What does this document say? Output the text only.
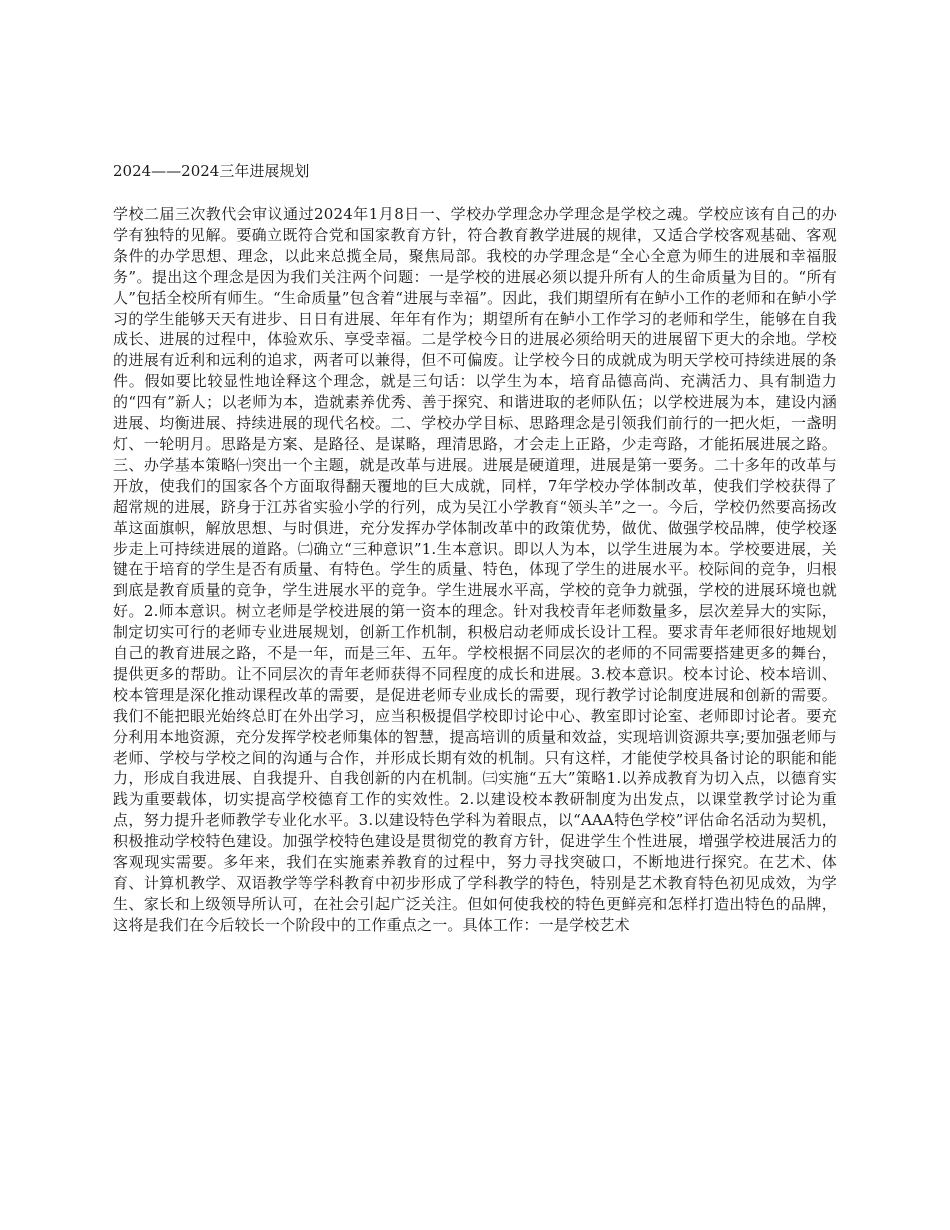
2024——2024三年进展规划

学校二届三次教代会审议通过2024年1月8日一、学校办学理念办学理念是学校之魂。学校应该有自己的办学有独特的见解。要确立既符合党和国家教育方针，符合教育教学进展的规律，又适合学校客观基础、客观条件的办学思想、理念，以此来总揽全局，聚焦局部。我校的办学理念是“全心全意为师生的进展和幸福服务”。提出这个理念是因为我们关注两个问题：一是学校的进展必须以提升所有人的生命质量为目的。“所有人”包括全校所有师生。“生命质量”包含着“进展与幸福”。因此，我们期望所有在鲈小工作的老师和在鲈小学习的学生能够天天有进步、日日有进展、年年有作为；期望所有在鲈小工作学习的老师和学生，能够在自我成长、进展的过程中，体验欢乐、享受幸福。二是学校今日的进展必须给明天的进展留下更大的余地。学校的进展有近利和远利的追求，两者可以兼得，但不可偏废。让学校今日的成就成为明天学校可持续进展的条件。假如要比较显性地诠释这个理念，就是三句话：以学生为本，培育品德高尚、充满活力、具有制造力的“四有”新人；以老师为本，造就素养优秀、善于探究、和谐进取的老师队伍；以学校进展为本，建设内涵进展、均衡进展、持续进展的现代名校。二、学校办学目标、思路理念是引领我们前行的一把火炬，一盏明灯、一轮明月。思路是方案、是路径、是谋略，理清思路，才会走上正路，少走弯路，才能拓展进展之路。三、办学基本策略㈠突出一个主题，就是改革与进展。进展是硬道理，进展是第一要务。二十多年的改革与开放，使我们的国家各个方面取得翻天覆地的巨大成就，同样，7年学校办学体制改革，使我们学校获得了超常规的进展，跻身于江苏省实验小学的行列，成为吴江小学教育“领头羊”之一。今后，学校仍然要高扬改革这面旗帜，解放思想、与时俱进，充分发挥办学体制改革中的政策优势，做优、做强学校品牌，使学校逐步走上可持续进展的道路。㈡确立“三种意识”1.生本意识。即以人为本，以学生进展为本。学校要进展，关键在于培育的学生是否有质量、有特色。学生的质量、特色，体现了学生的进展水平。校际间的竞争，归根到底是教育质量的竞争，学生进展水平的竞争。学生进展水平高，学校的竞争力就强，学校的进展环境也就好。2.师本意识。树立老师是学校进展的第一资本的理念。针对我校青年老师数量多，层次差异大的实际，制定切实可行的老师专业进展规划，创新工作机制，积极启动老师成长设计工程。要求青年老师很好地规划自己的教育进展之路，不是一年，而是三年、五年。学校根据不同层次的老师的不同需要搭建更多的舞台，提供更多的帮助。让不同层次的青年老师获得不同程度的成长和进展。3.校本意识。校本讨论、校本培训、校本管理是深化推动课程改革的需要，是促进老师专业成长的需要，现行教学讨论制度进展和创新的需要。我们不能把眼光始终总盯在外出学习，应当积极提倡学校即讨论中心、教室即讨论室、老师即讨论者。要充分利用本地资源，充分发挥学校老师集体的智慧，提高培训的质量和效益，实现培训资源共享;要加强老师与老师、学校与学校之间的沟通与合作，并形成长期有效的机制。只有这样，才能使学校具备讨论的职能和能力，形成自我进展、自我提升、自我创新的内在机制。㈢实施“五大”策略1.以养成教育为切入点，以德育实践为重要载体，切实提高学校德育工作的实效性。2.以建设校本教研制度为出发点，以课堂教学讨论为重点，努力提升老师教学专业化水平。3.以建设特色学科为着眼点，以“AAA特色学校”评估命名活动为契机，积极推动学校特色建设。加强学校特色建设是贯彻党的教育方针，促进学生个性进展，增强学校进展活力的客观现实需要。多年来，我们在实施素养教育的过程中，努力寻找突破口，不断地进行探究。在艺术、体育、计算机教学、双语教学等学科教育中初步形成了学科教学的特色，特别是艺术教育特色初见成效，为学生、家长和上级领导所认可，在社会引起广泛关注。但如何使我校的特色更鲜亮和怎样打造出特色的品牌，这将是我们在今后较长一个阶段中的工作重点之一。具体工作：一是学校艺术
